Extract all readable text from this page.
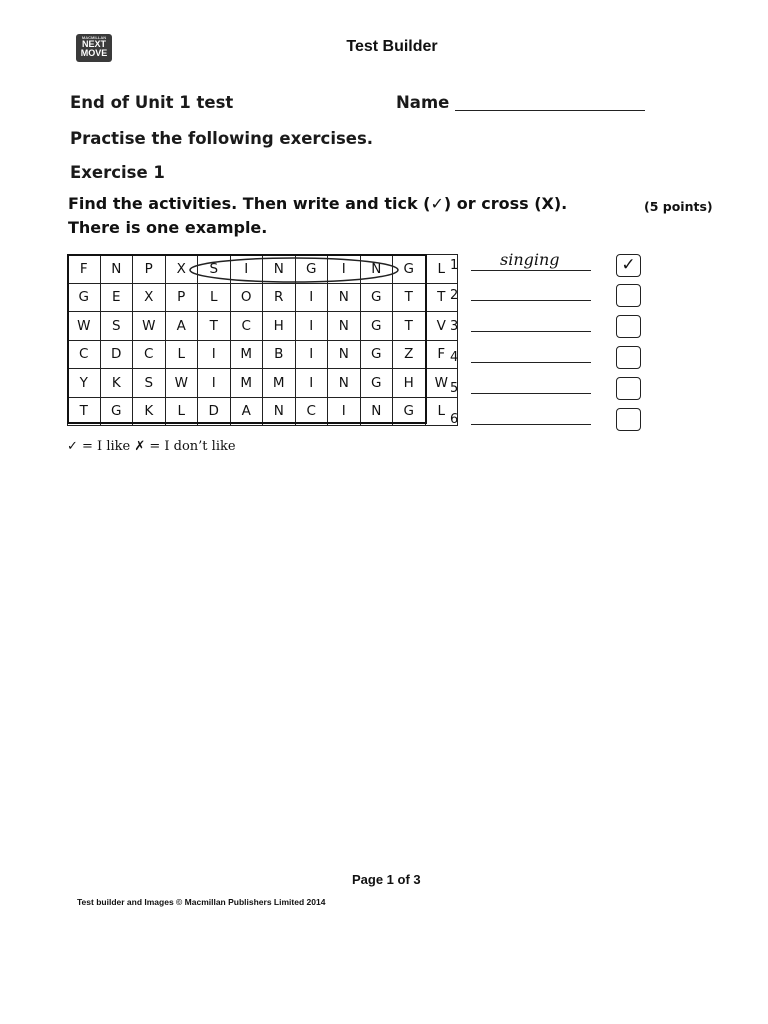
MACMILLAN
NEXT
MOVE	Test Builder
End of Unit 1 test	Name
Practise the following exercises.
Exercise 1
Find the activities. Then write and tick (✓) or cross (X).
There is one example.
(5 points)
F	N	P	X	S	I	N	G	I	N	G	L
G	E	X	P	L	O	R	I	N	G	T	T
W	S	W	A	T	C	H	I	N	G	T	V
C	D	C	L	I	M	B	I	N	G	Z	F
Y	K	S	W	I	M	M	I	N	G	H	W
T	G	K	L	D	A	N	C	I	N	G	L
1	singing	✓
2
3
4
5
6
✓ = I like ✗ = I don’t like
Page 1 of 3
Test builder and Images © Macmillan Publishers Limited 2014
